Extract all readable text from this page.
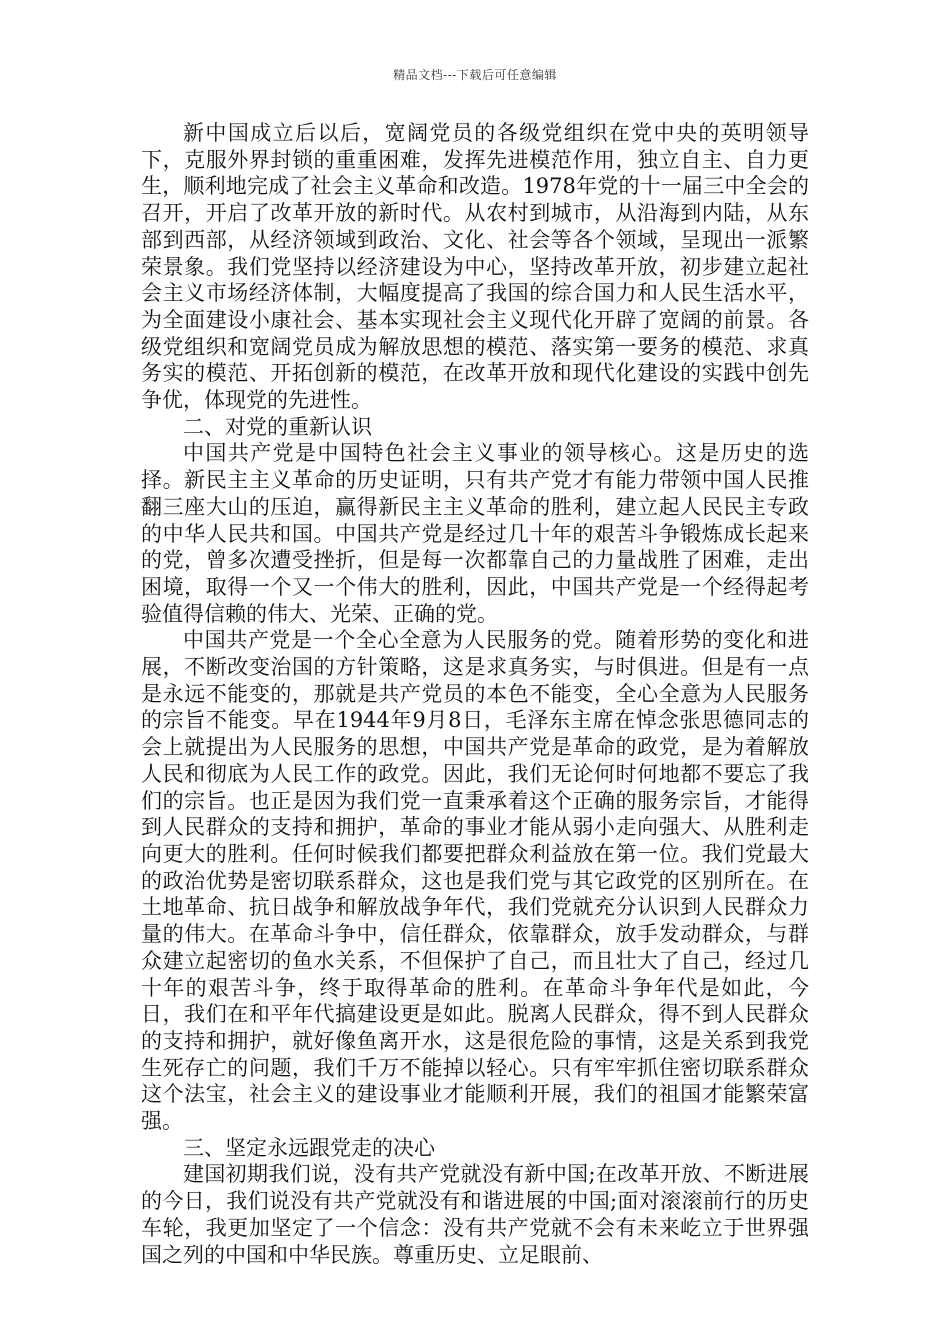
精品文档---下载后可任意编辑

新中国成立后以后，宽阔党员的各级党组织在党中央的英明领导下，克服外界封锁的重重困难，发挥先进模范作用，独立自主、自力更生，顺利地完成了社会主义革命和改造。1978年党的十一届三中全会的召开，开启了改革开放的新时代。从农村到城市，从沿海到内陆，从东部到西部，从经济领域到政治、文化、社会等各个领域，呈现出一派繁荣景象。我们党坚持以经济建设为中心，坚持改革开放，初步建立起社会主义市场经济体制，大幅度提高了我国的综合国力和人民生活水平，为全面建设小康社会、基本实现社会主义现代化开辟了宽阔的前景。各级党组织和宽阔党员成为解放思想的模范、落实第一要务的模范、求真务实的模范、开拓创新的模范，在改革开放和现代化建设的实践中创先争优，体现党的先进性。

二、对党的重新认识

中国共产党是中国特色社会主义事业的领导核心。这是历史的选择。新民主主义革命的历史证明，只有共产党才有能力带领中国人民推翻三座大山的压迫，赢得新民主主义革命的胜利，建立起人民民主专政的中华人民共和国。中国共产党是经过几十年的艰苦斗争锻炼成长起来的党，曾多次遭受挫折，但是每一次都靠自己的力量战胜了困难，走出困境，取得一个又一个伟大的胜利，因此，中国共产党是一个经得起考验值得信赖的伟大、光荣、正确的党。

中国共产党是一个全心全意为人民服务的党。随着形势的变化和进展，不断改变治国的方针策略，这是求真务实，与时俱进。但是有一点是永远不能变的，那就是共产党员的本色不能变，全心全意为人民服务的宗旨不能变。早在1944年9月8日，毛泽东主席在悼念张思德同志的会上就提出为人民服务的思想，中国共产党是革命的政党，是为着解放人民和彻底为人民工作的政党。因此，我们无论何时何地都不要忘了我们的宗旨。也正是因为我们党一直秉承着这个正确的服务宗旨，才能得到人民群众的支持和拥护，革命的事业才能从弱小走向强大、从胜利走向更大的胜利。任何时候我们都要把群众利益放在第一位。我们党最大的政治优势是密切联系群众，这也是我们党与其它政党的区别所在。在土地革命、抗日战争和解放战争年代，我们党就充分认识到人民群众力量的伟大。在革命斗争中，信任群众，依靠群众，放手发动群众，与群众建立起密切的鱼水关系，不但保护了自己，而且壮大了自己，经过几十年的艰苦斗争，终于取得革命的胜利。在革命斗争年代是如此，今日，我们在和平年代搞建设更是如此。脱离人民群众，得不到人民群众的支持和拥护，就好像鱼离开水，这是很危险的事情，这是关系到我党生死存亡的问题，我们千万不能掉以轻心。只有牢牢抓住密切联系群众这个法宝，社会主义的建设事业才能顺利开展，我们的祖国才能繁荣富强。

三、坚定永远跟党走的决心

建国初期我们说，没有共产党就没有新中国;在改革开放、不断进展的今日，我们说没有共产党就没有和谐进展的中国;面对滚滚前行的历史车轮，我更加坚定了一个信念：没有共产党就不会有未来屹立于世界强国之列的中国和中华民族。尊重历史、立足眼前、
